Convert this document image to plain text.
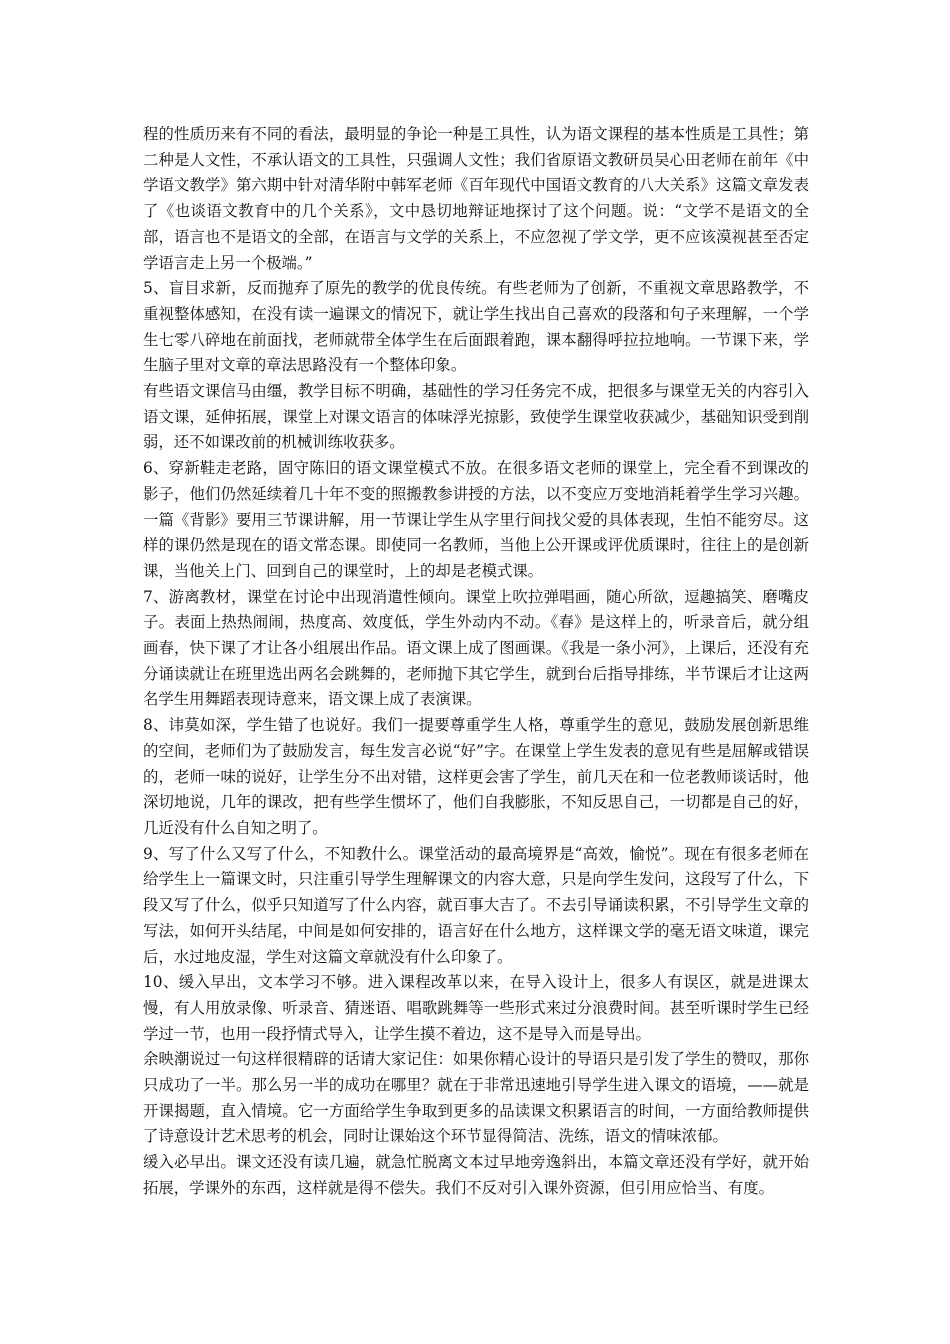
程的性质历来有不同的看法，最明显的争论一种是工具性，认为语文课程的基本性质是工具性；第二种是人文性，不承认语文的工具性，只强调人文性；我们省原语文教研员吴心田老师在前年《中学语文教学》第六期中针对清华附中韩军老师《百年现代中国语文教育的八大关系》这篇文章发表了《也谈语文教育中的几个关系》，文中恳切地辩证地探讨了这个问题。说：“文学不是语文的全部，语言也不是语文的全部，在语言与文学的关系上，不应忽视了学文学，更不应该漠视甚至否定学语言走上另一个极端。”

5、盲目求新，反而抛弃了原先的教学的优良传统。有些老师为了创新，不重视文章思路教学，不重视整体感知，在没有读一遍课文的情况下，就让学生找出自己喜欢的段落和句子来理解，一个学生七零八碎地在前面找，老师就带全体学生在后面跟着跑，课本翻得呼拉拉地响。一节课下来，学生脑子里对文章的章法思路没有一个整体印象。

有些语文课信马由缰，教学目标不明确，基础性的学习任务完不成，把很多与课堂无关的内容引入语文课，延伸拓展，课堂上对课文语言的体味浮光掠影，致使学生课堂收获减少，基础知识受到削弱，还不如课改前的机械训练收获多。

6、穿新鞋走老路，固守陈旧的语文课堂模式不放。在很多语文老师的课堂上，完全看不到课改的影子，他们仍然延续着几十年不变的照搬教参讲授的方法，以不变应万变地消耗着学生学习兴趣。一篇《背影》要用三节课讲解，用一节课让学生从字里行间找父爱的具体表现，生怕不能穷尽。这样的课仍然是现在的语文常态课。即使同一名教师，当他上公开课或评优质课时，往往上的是创新课，当他关上门、回到自己的课堂时，上的却是老模式课。

7、游离教材，课堂在讨论中出现消遣性倾向。课堂上吹拉弹唱画，随心所欲，逗趣搞笑、磨嘴皮子。表面上热热闹闹，热度高、效度低，学生外动内不动。《春》是这样上的，听录音后，就分组画春，快下课了才让各小组展出作品。语文课上成了图画课。《我是一条小河》，上课后，还没有充分诵读就让在班里选出两名会跳舞的，老师抛下其它学生，就到台后指导排练，半节课后才让这两名学生用舞蹈表现诗意来，语文课上成了表演课。

8、讳莫如深，学生错了也说好。我们一提要尊重学生人格，尊重学生的意见，鼓励发展创新思维的空间，老师们为了鼓励发言，每生发言必说“好”字。在课堂上学生发表的意见有些是屈解或错误的，老师一味的说好，让学生分不出对错，这样更会害了学生，前几天在和一位老教师谈话时，他深切地说，几年的课改，把有些学生惯坏了，他们自我膨胀，不知反思自己，一切都是自己的好，几近没有什么自知之明了。

9、写了什么又写了什么，不知教什么。课堂活动的最高境界是“高效，愉悦”。现在有很多老师在给学生上一篇课文时，只注重引导学生理解课文的内容大意，只是向学生发问，这段写了什么，下段又写了什么，似乎只知道写了什么内容，就百事大吉了。不去引导诵读积累，不引导学生文章的写法，如何开头结尾，中间是如何安排的，语言好在什么地方，这样课文学的毫无语文味道，课完后，水过地皮湿，学生对这篇文章就没有什么印象了。

10、缓入早出，文本学习不够。进入课程改革以来，在导入设计上，很多人有误区，就是进课太慢，有人用放录像、听录音、猜迷语、唱歌跳舞等一些形式来过分浪费时间。甚至听课时学生已经学过一节，也用一段抒情式导入，让学生摸不着边，这不是导入而是导出。

余映潮说过一句这样很精辟的话请大家记住：如果你精心设计的导语只是引发了学生的赞叹，那你只成功了一半。那么另一半的成功在哪里？就在于非常迅速地引导学生进入课文的语境，——就是开课揭题，直入情境。它一方面给学生争取到更多的品读课文积累语言的时间，一方面给教师提供了诗意设计艺术思考的机会，同时让课始这个环节显得简洁、洗练，语文的情味浓郁。

缓入必早出。课文还没有读几遍，就急忙脱离文本过早地旁逸斜出，本篇文章还没有学好，就开始拓展，学课外的东西，这样就是得不偿失。我们不反对引入课外资源，但引用应恰当、有度。
